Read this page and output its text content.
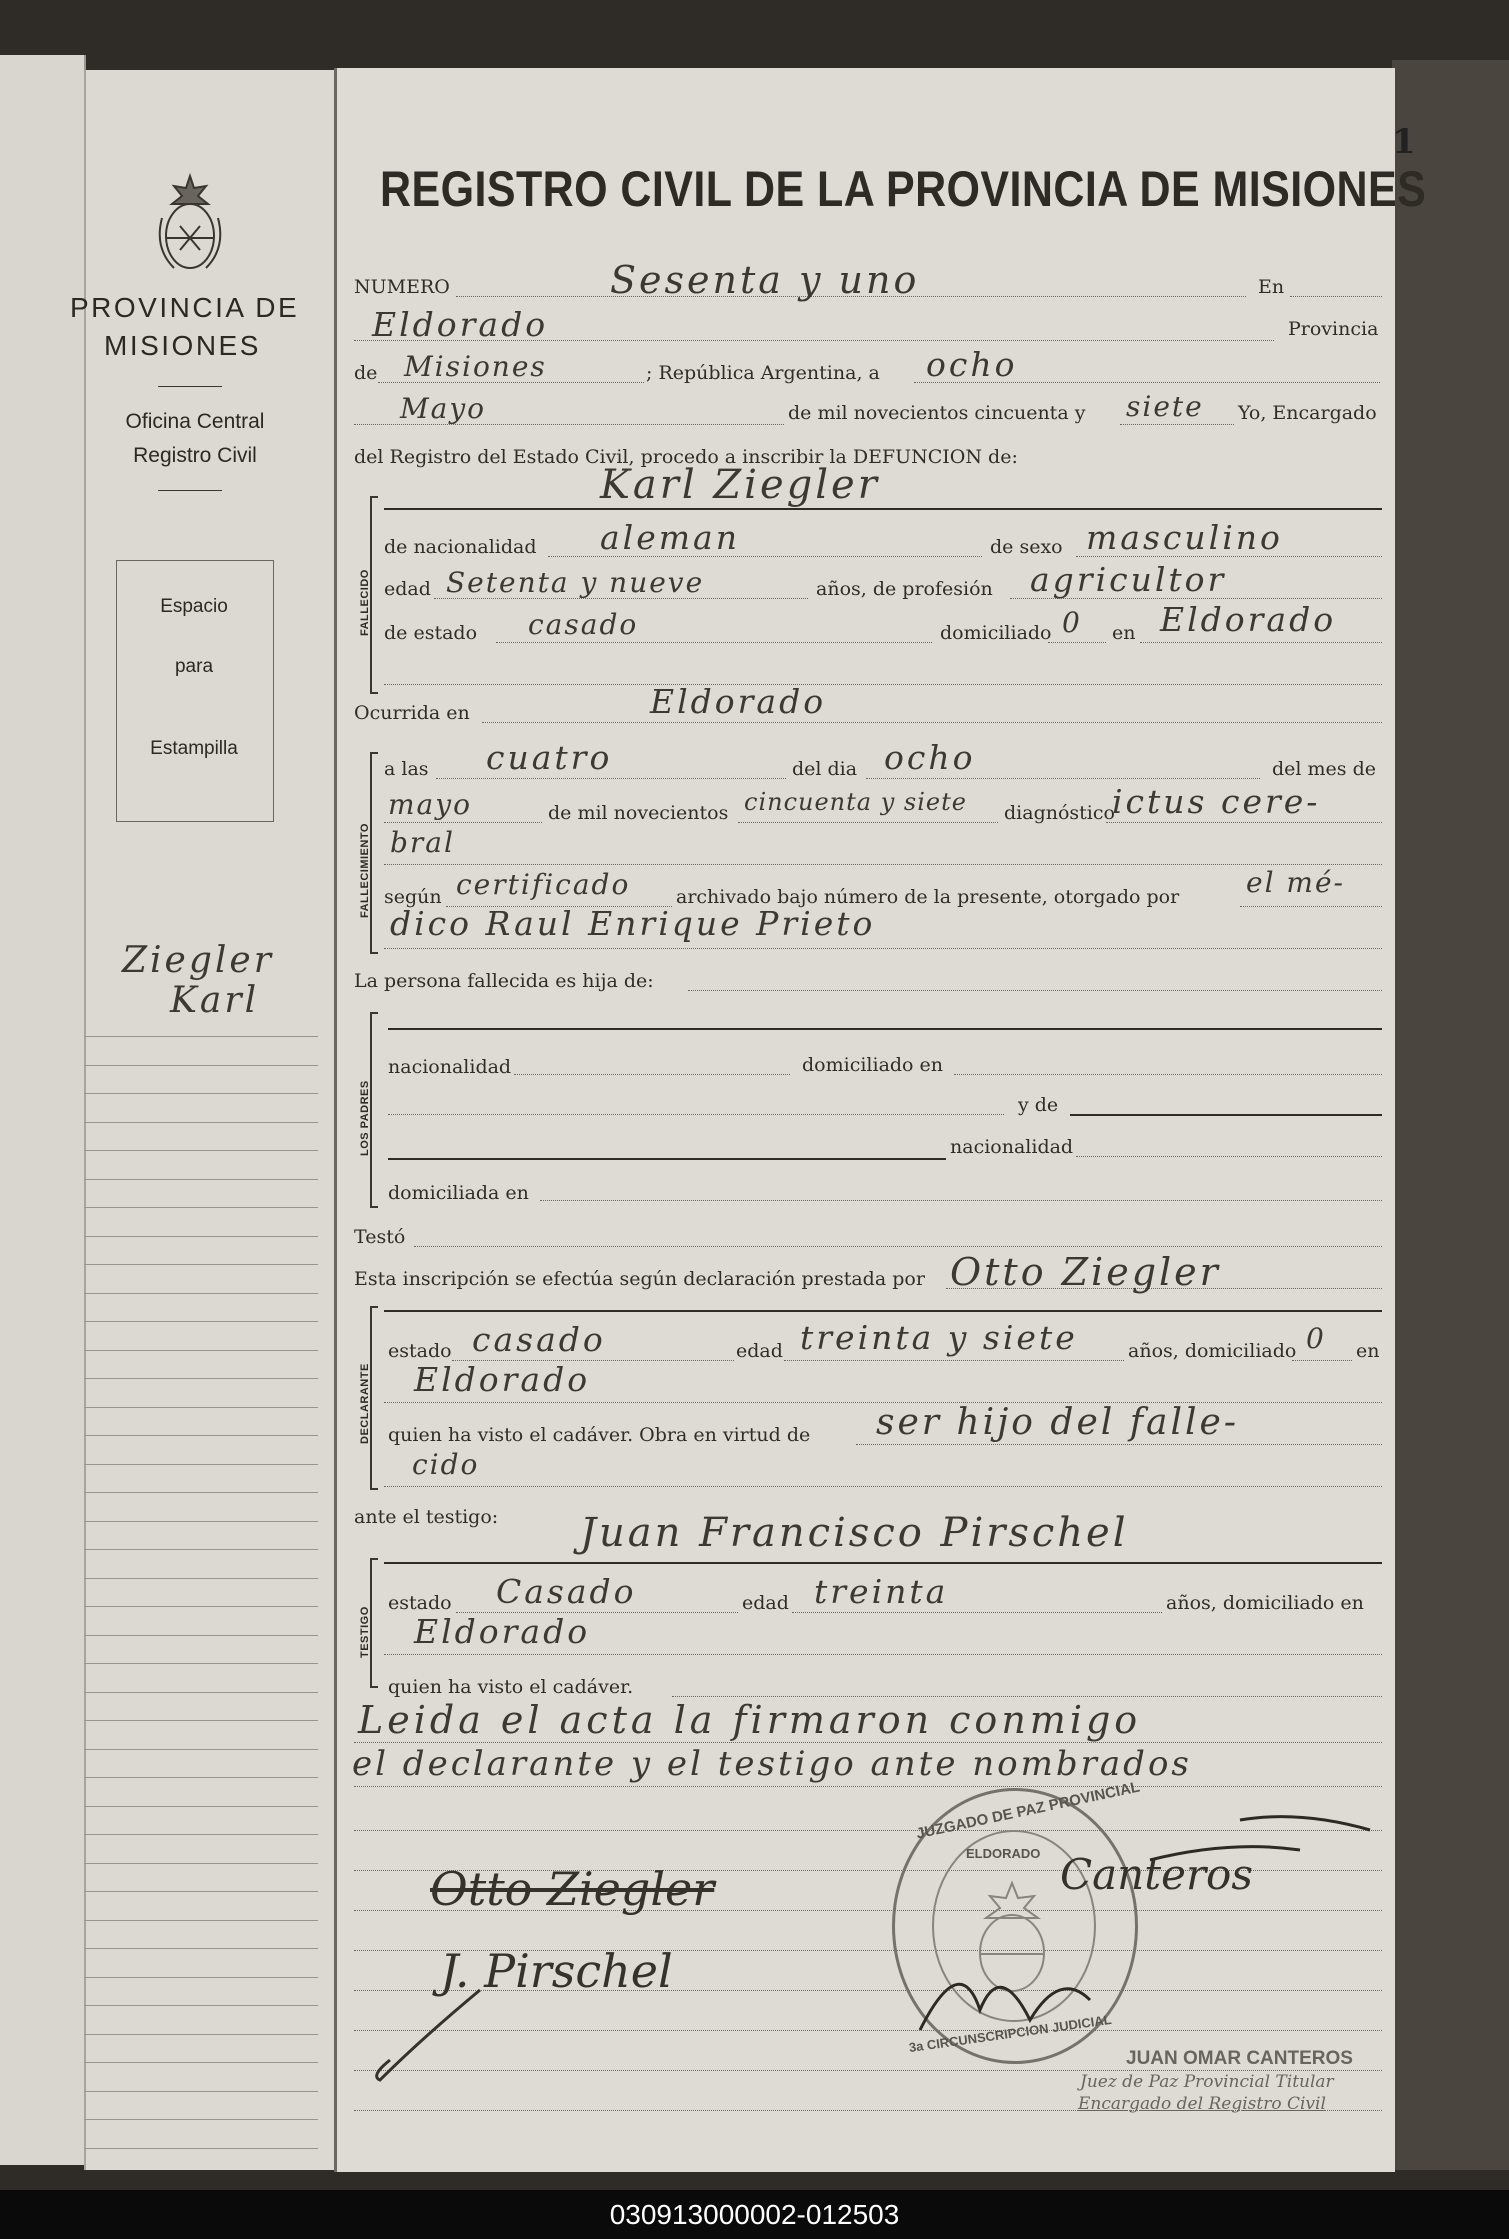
PROVINCIA DE
MISIONES
Oficina Central
Registro Civil
Espacio
para
Estampilla
Ziegler
Karl
1
REGISTRO CIVIL DE LA PROVINCIA DE MISIONES
NUMERO	Sesenta y uno	En
Eldorado	Provincia
de Misiones	; República Argentina, a ocho
Mayo	de mil novecientos cincuenta y siete Yo, Encargado
del Registro del Estado Civil, procedo a inscribir la DEFUNCION de:
FALLECIDO
Karl Ziegler
de nacionalidad aleman	de sexo masculino
edad Setenta y nueve	años, de profesión agricultor
de estado casado	domiciliado 0 en Eldorado
Ocurrida en	Eldorado
FALLECIMIENTO
a las cuatro	del dia ocho	del mes de
mayo	de mil novecientos cincuenta y siete diagnóstico
ictus cere-
bral
según certificado archivado bajo número de la presente, otorgado por el mé-
dico Raul Enrique Prieto
La persona fallecida es hija de:
LOS PADRES
nacionalidad	domiciliado en
y de
nacionalidad
domiciliada en
Testó
Esta inscripción se efectúa según declaración prestada por Otto Ziegler
DECLARANTE
estado casado	edad treinta y siete	años, domiciliado 0 en
Eldorado
quien ha visto el cadáver. Obra en virtud de ser hijo del falle-
cido
ante el testigo:
TESTIGO
Juan Francisco Pirschel
estado Casado	edad treinta	años, domiciliado en
Eldorado
quien ha visto el cadáver.
Leida el acta la firmaron conmigo
el declarante y el testigo ante nombrados
JUZGADO DE PAZ PROVINCIAL
ELDORADO
3a CIRCUNSCRIPCION JUDICIAL
Otto Ziegler
J. Pirschel
Canteros
JUAN OMAR CANTEROS
Juez de Paz Provincial Titular
Encargado del Registro Civil
030913000002-012503
